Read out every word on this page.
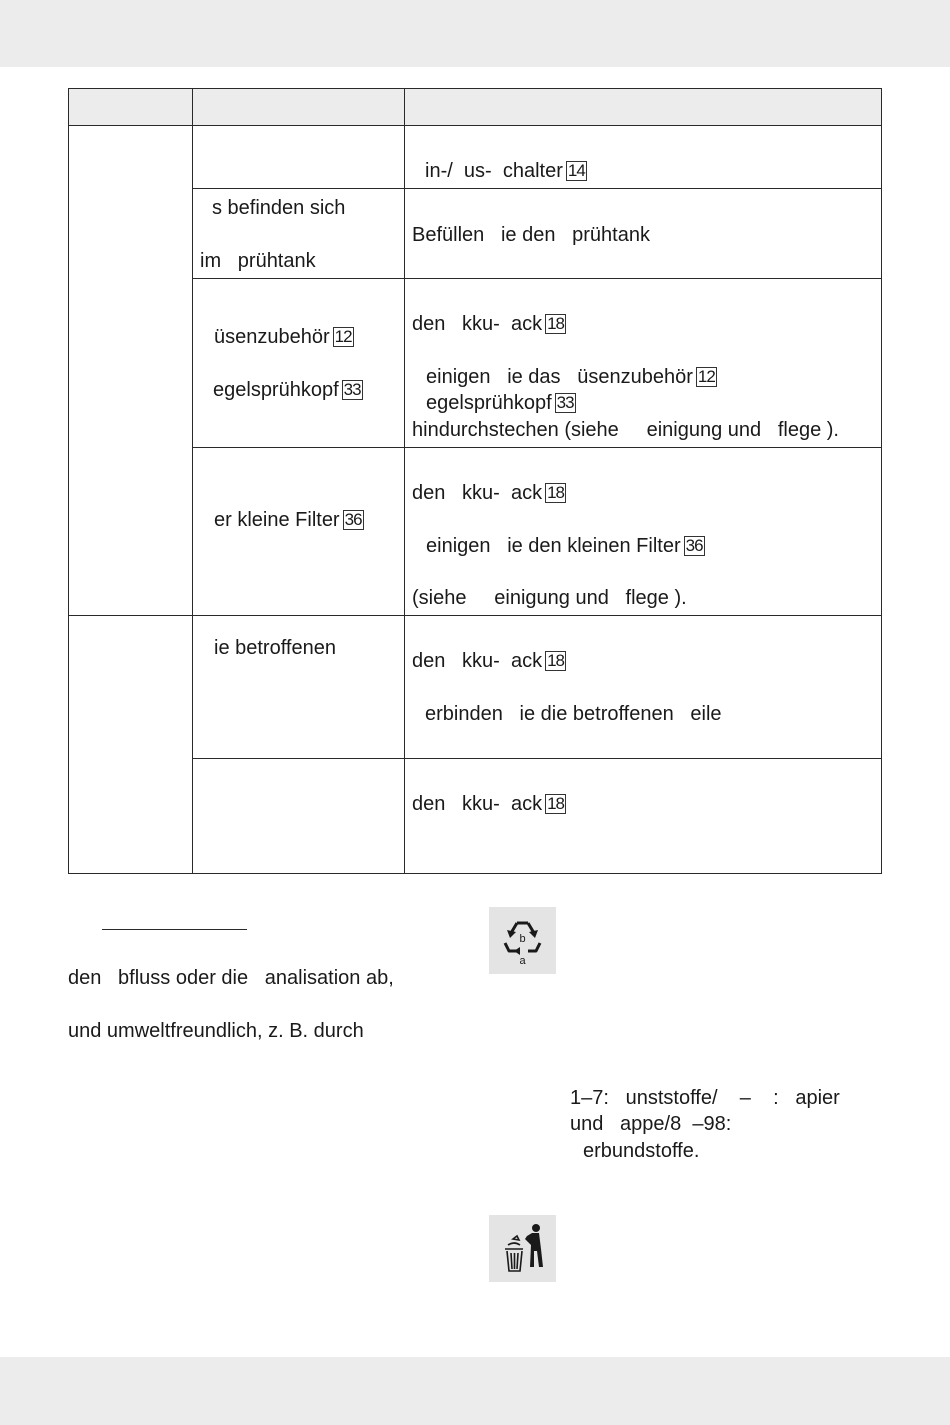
in-/ us- chalter 14
s befinden sich
im prühtank
Befüllen ie den prühtank
üsenzubehör 12
egelsprühkopf 33
den kku- ack 18
einigen ie das üsenzubehör 12
egelsprühkopf 33
hindurchstechen (siehe einigung und flege ).
er kleine Filter 36
den kku- ack 18
einigen ie den kleinen Filter 36
(siehe einigung und flege ).
ie betroffenen
den kku- ack 18
erbinden ie die betroffenen eile
den kku- ack 18
den bfluss oder die analisation ab,
und umweltfreundlich, z. B. durch
b
a
1–7: unststoffe/ – : apier
und appe/8 –98:
erbundstoffe.
